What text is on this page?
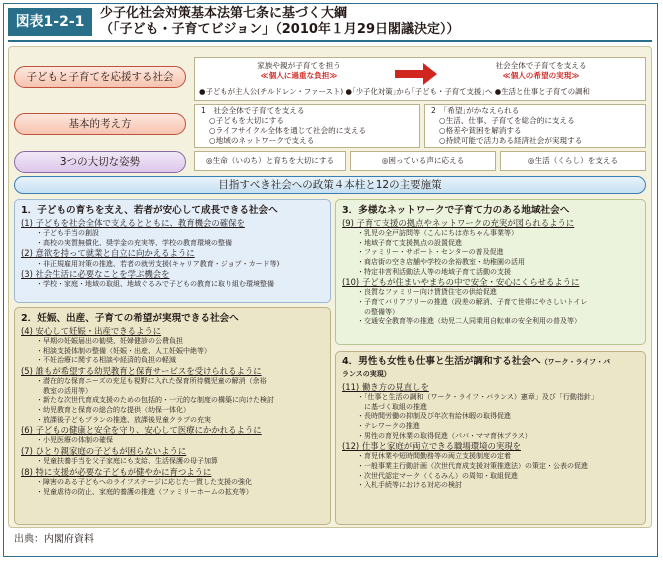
図表1-2-1
少子化社会対策基本法第七条に基づく大綱
（「子ども・子育てビジョン」（2010年１月29日閣議決定））
子どもと子育てを応援する社会
家族や親が子育てを担う
≪個人に過重な負担≫
社会全体で子育てを支える
≪個人の希望の実現≫
●子どもが主人公(チルドレン・ファースト) ●｢少子化対策｣から｢子ども・子育て支援｣へ ●生活と仕事と子育ての調和
基本的考え方
1　社会全体で子育てを支える
○子どもを大切にする
○ライフサイクル全体を通じて社会的に支える
○地域のネットワークで支える
2　｢希望｣がかなえられる
○生活、仕事、子育てを総合的に支える
○格差や貧困を解消する
○持続可能で活力ある経済社会が実現する
3つの大切な姿勢	◎生命（いのち）と育ちを大切にする	◎困っている声に応える	◎生活（くらし）を支える
目指すべき社会への政策４本柱と12の主要施策
1．子どもの育ちを支え、若者が安心して成長できる社会へ
(1) 子どもを社会全体で支えるとともに、教育機会の確保を
・子ども手当の創設
・高校の実質無償化、奨学金の充実等、学校の教育環境の整備
(2) 意欲を持って就業と自立に向かえるように
・非正規雇用対策の推進、若者の就労支援(キャリア教育・ジョブ・カード等)
(3) 社会生活に必要なことを学ぶ機会を
・学校・家庭・地域の取組、地域ぐるみで子どもの教育に取り組む環境整備
2．妊娠、出産、子育ての希望が実現できる社会へ
(4) 安心して妊娠・出産できるように
・早期の妊娠届出の勧奨、妊婦健診の公費負担
・相談支援体制の整備（妊娠・出産、人工妊娠中絶等）
・不妊治療に関する相談や経済的負担の軽減
(5) 誰もが希望する幼児教育と保育サービスを受けられるように
・潜在的な保育ニーズの充足も視野に入れた保育所待機児童の解消（余裕
教室の活用等）
・新たな次世代育成支援のための包括的・一元的な制度の構築に向けた検討
・幼児教育と保育の総合的な提供（幼保一体化）
・放課後子どもプランの推進、放課後児童クラブの充実
(6) 子どもの健康と安全を守り、安心して医療にかかれるように
・小児医療の体制の確保
(7) ひとり親家庭の子どもが困らないように
・児童扶養手当を父子家庭にも支給、生活保護の母子加算
(8) 特に支援が必要な子どもが健やかに育つように
・障害のある子どもへのライフステージに応じた一貫した支援の強化
・児童虐待の防止、家庭的養護の推進（ファミリーホームの拡充等）
3．多様なネットワークで子育て力のある地域社会へ
(9) 子育て支援の拠点やネットワークの充実が図られるように
・乳児の全戸訪問等（こんにちは赤ちゃん事業等）
・地域子育て支援拠点の設置促進
・ファミリー・サポート・センターの普及促進
・商店街の空き店舗や学校の余裕教室・幼稚園の活用
・特定非営利活動法人等の地域子育て活動の支援
(10) 子どもが住まいやまちの中で安全・安心にくらせるように
・良質なファミリー向け賃貸住宅の供給促進
・子育てバリアフリーの推進（段差の解消、子育て世帯にやさしいトイレ
の整備等）
・交通安全教育等の推進（幼児二人同乗用自転車の安全利用の普及等）
4．男性も女性も仕事と生活が調和する社会へ（ワーク・ライフ・バ
ランスの実現）
(11) 働き方の見直しを
・「仕事と生活の調和（ワーク・ライフ・バランス）憲章」及び「行動指針」
に基づく取組の推進
・長時間労働の抑制及び年次有給休暇の取得促進
・テレワークの推進
・男性の育児休業の取得促進（パパ・ママ育休プラス）
(12) 仕事と家庭が両立できる職場環境の実現を
・育児休業や短時間勤務等の両立支援制度の定着
・一般事業主行動計画（次世代育成支援対策推進法）の策定・公表の促進
・次世代認定マーク（くるみん）の周知・取組促進
・入札手続等における対応の検討
出典：内閣府資料
